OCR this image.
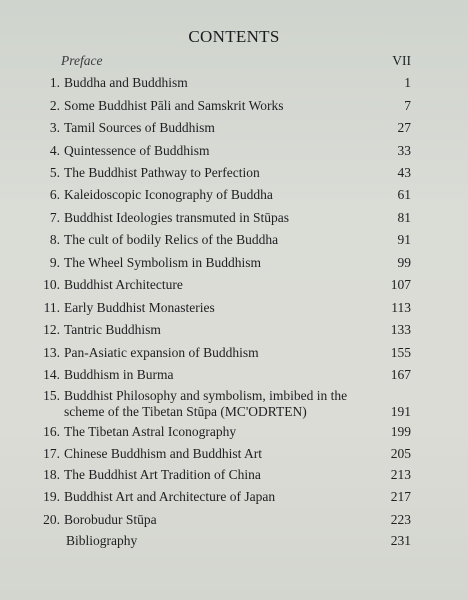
CONTENTS
Preface	VII
1. Buddha and Buddhism	1
2. Some Buddhist Pāli and Samskrit Works	7
3. Tamil Sources of Buddhism	27
4. Quintessence of Buddhism	33
5. The Buddhist Pathway to Perfection	43
6. Kaleidoscopic Iconography of Buddha	61
7. Buddhist Ideologies transmuted in Stūpas	81
8. The cult of bodily Relics of the Buddha	91
9. The Wheel Symbolism in Buddhism	99
10. Buddhist Architecture	107
11. Early Buddhist Monasteries	113
12. Tantric Buddhism	133
13. Pan-Asiatic expansion of Buddhism	155
14. Buddhism in Burma	167
15. Buddhist Philosophy and symbolism, imbibed in the
scheme of the Tibetan Stūpa (MC'ODRTEN)	191
16. The Tibetan Astral Iconography	199
17. Chinese Buddhism and Buddhist Art	205
18. The Buddhist Art Tradition of China	213
19. Buddhist Art and Architecture of Japan	217
20. Borobudur Stūpa	223
Bibliography	231
